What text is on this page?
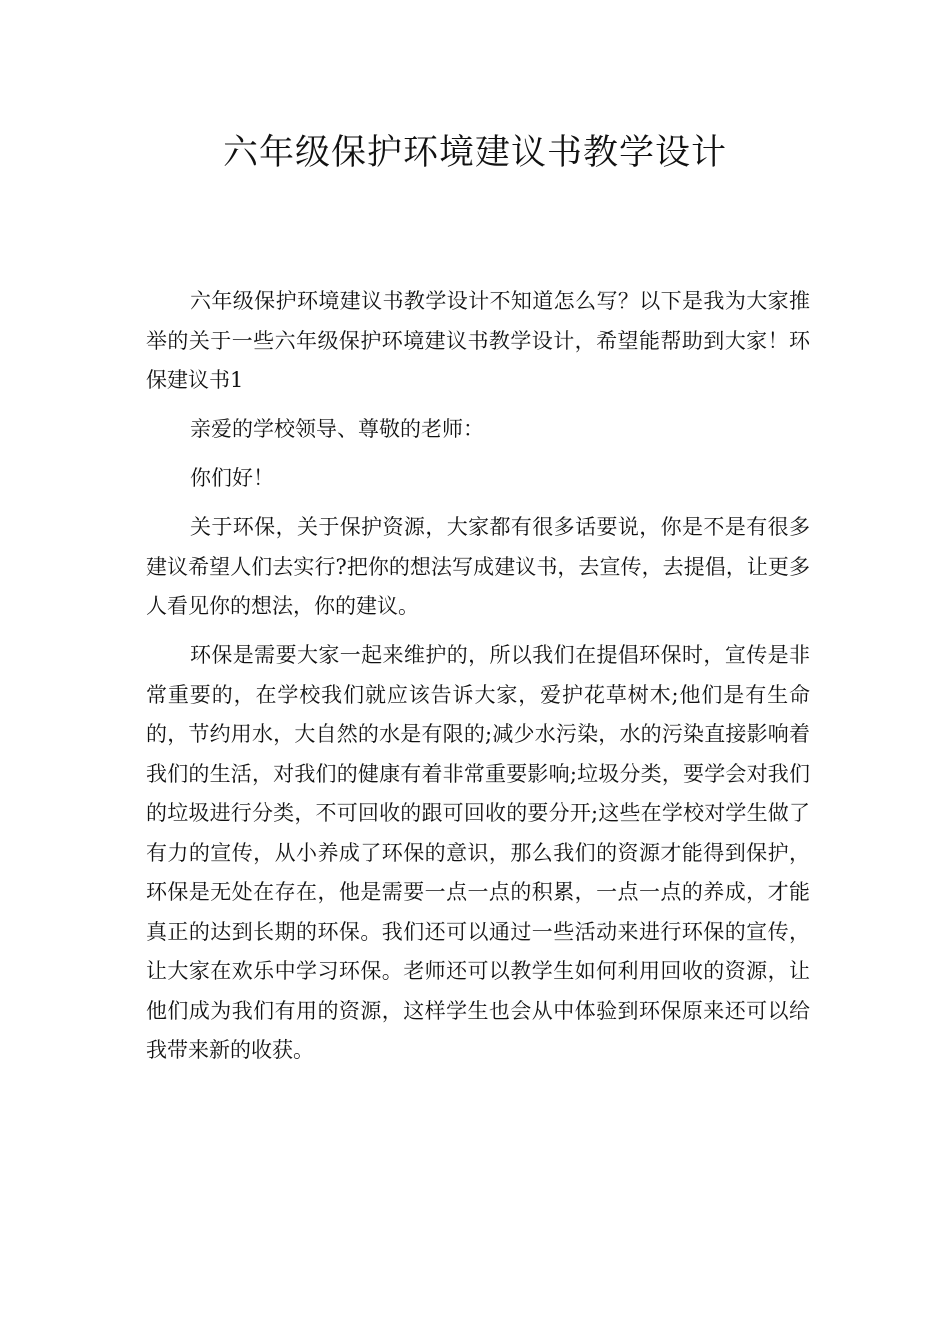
六年级保护环境建议书教学设计

六年级保护环境建议书教学设计不知道怎么写？以下是我为大家推举的关于一些六年级保护环境建议书教学设计，希望能帮助到大家！环保建议书1

亲爱的学校领导、尊敬的老师：

你们好！

关于环保，关于保护资源，大家都有很多话要说，你是不是有很多建议希望人们去实行?把你的想法写成建议书，去宣传，去提倡，让更多人看见你的想法，你的建议。

环保是需要大家一起来维护的，所以我们在提倡环保时，宣传是非常重要的，在学校我们就应该告诉大家，爱护花草树木;他们是有生命的，节约用水，大自然的水是有限的;减少水污染，水的污染直接影响着我们的生活，对我们的健康有着非常重要影响;垃圾分类，要学会对我们的垃圾进行分类，不可回收的跟可回收的要分开;这些在学校对学生做了有力的宣传，从小养成了环保的意识，那么我们的资源才能得到保护，环保是无处在存在，他是需要一点一点的积累，一点一点的养成，才能真正的达到长期的环保。我们还可以通过一些活动来进行环保的宣传，让大家在欢乐中学习环保。老师还可以教学生如何利用回收的资源，让他们成为我们有用的资源，这样学生也会从中体验到环保原来还可以给我带来新的收获。
